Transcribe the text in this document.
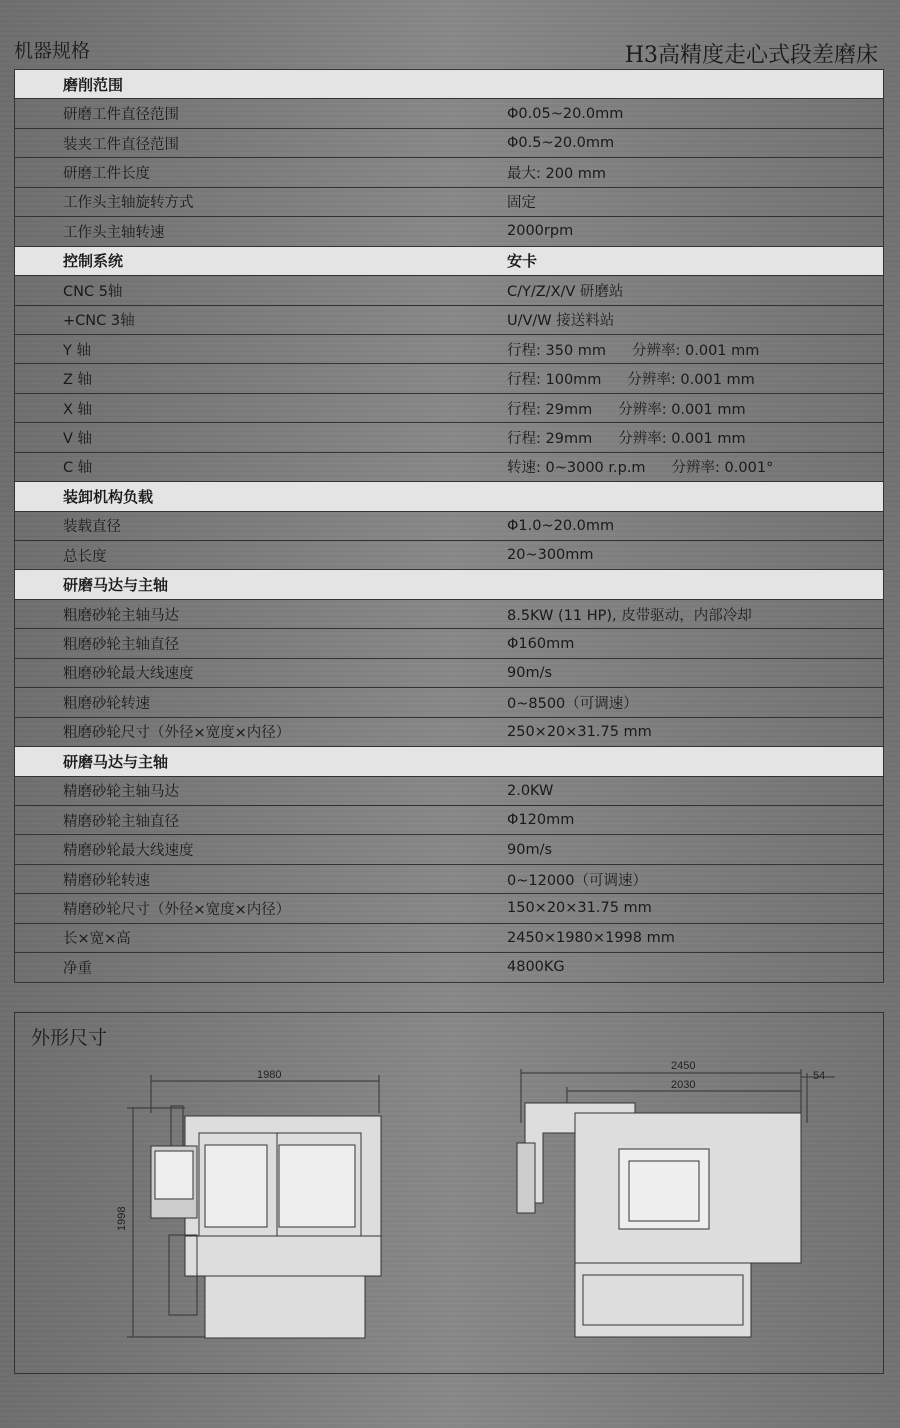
机器规格	H3高精度走心式段差磨床
磨削范围
研磨工件直径范围	Φ0.05~20.0mm
装夹工件直径范围	Φ0.5~20.0mm
研磨工件长度	最大: 200 mm
工作头主轴旋转方式	固定
工作头主轴转速	2000rpm
控制系统	安卡
CNC 5轴	C/Y/Z/X/V 研磨站
+CNC 3轴	U/V/W 接送料站
Y 轴	行程: 350 mm 分辨率: 0.001 mm
Z 轴	行程: 100mm 分辨率: 0.001 mm
X 轴	行程: 29mm 分辨率: 0.001 mm
V 轴	行程: 29mm 分辨率: 0.001 mm
C 轴	转速: 0~3000 r.p.m 分辨率: 0.001°
装卸机构负载
装载直径	Φ1.0~20.0mm
总长度	20~300mm
研磨马达与主轴
粗磨砂轮主轴马达	8.5KW (11 HP), 皮带驱动，内部冷却
粗磨砂轮主轴直径	Φ160mm
粗磨砂轮最大线速度	90m/s
粗磨砂轮转速	0~8500（可调速）
粗磨砂轮尺寸（外径×宽度×内径）	250×20×31.75 mm
研磨马达与主轴
精磨砂轮主轴马达	2.0KW
精磨砂轮主轴直径	Φ120mm
精磨砂轮最大线速度	90m/s
精磨砂轮转速	0~12000（可调速）
精磨砂轮尺寸（外径×宽度×内径）	150×20×31.75 mm
长×宽×高	2450×1980×1998 mm
净重	4800KG
外形尺寸
1980
1998
2450
2030
54
